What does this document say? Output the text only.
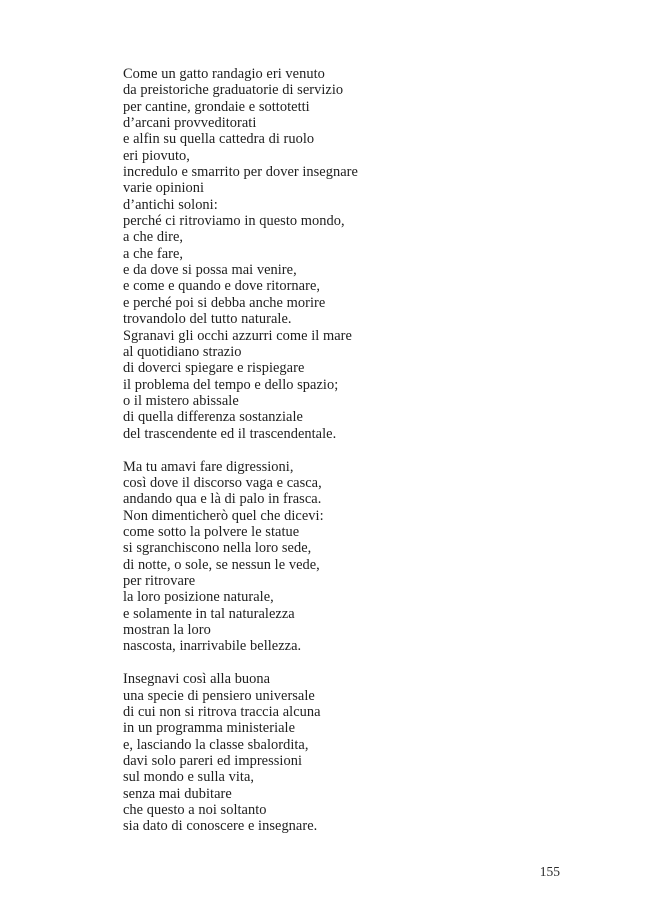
Come un gatto randagio eri venuto
da preistoriche graduatorie di servizio
per cantine, grondaie e sottotetti
d’arcani provveditorati
e alfin su quella cattedra di ruolo
eri piovuto,
incredulo e smarrito per dover insegnare
varie opinioni
d’antichi soloni:
perché ci ritroviamo in questo mondo,
a che dire,
a che fare,
e da dove si possa mai venire,
e come e quando e dove ritornare,
e perché poi si debba anche morire
trovandolo del tutto naturale.
Sgranavi gli occhi azzurri come il mare
al quotidiano strazio
di doverci spiegare e rispiegare
il problema del tempo e dello spazio;
o il mistero abissale
di quella differenza sostanziale
del trascendente ed il trascendentale.
Ma tu amavi fare digressioni,
così dove il discorso vaga e casca,
andando qua e là di palo in frasca.
Non dimenticherò quel che dicevi:
come sotto la polvere le statue
si sgranchiscono nella loro sede,
di notte, o sole, se nessun le vede,
per ritrovare
la loro posizione naturale,
e solamente in tal naturalezza
mostran la loro
nascosta, inarrivabile bellezza.
Insegnavi così alla buona
una specie di pensiero universale
di cui non si ritrova traccia alcuna
in un programma ministeriale
e, lasciando la classe sbalordita,
davi solo pareri ed impressioni
sul mondo e sulla vita,
senza mai dubitare
che questo a noi soltanto
sia dato di conoscere e insegnare.
155
